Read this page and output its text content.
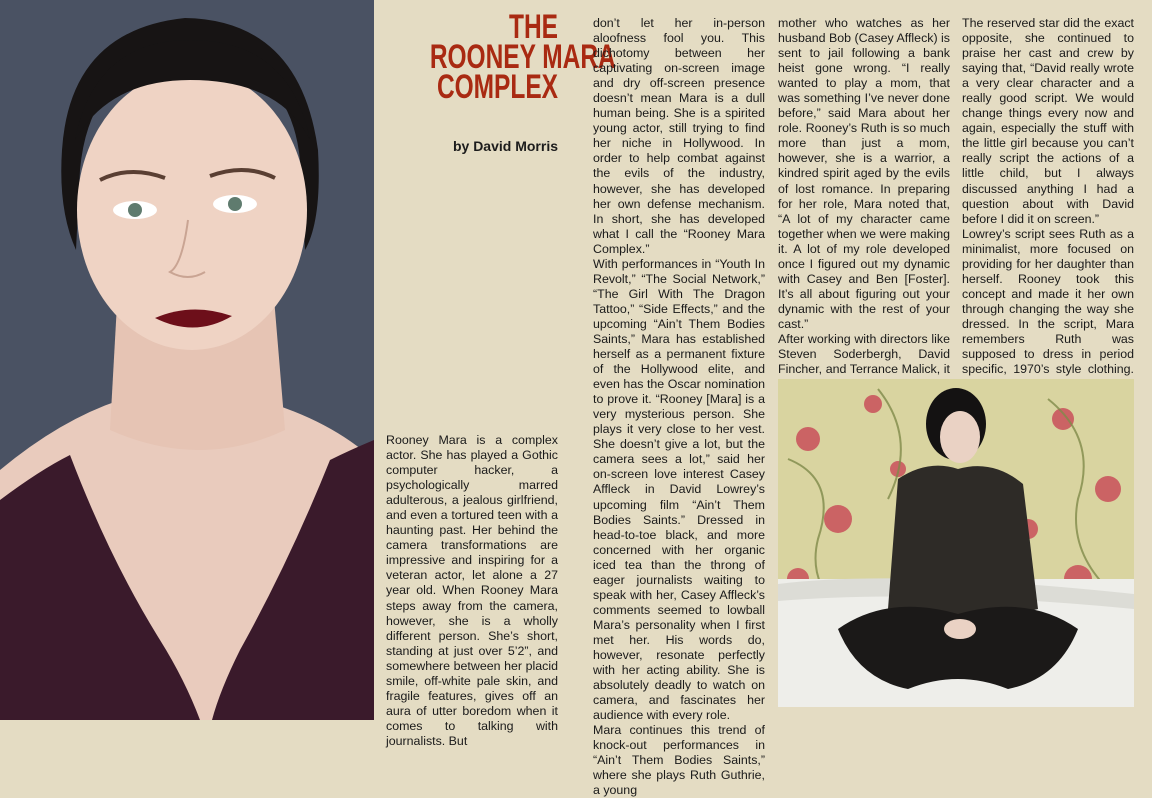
THE
ROONEY MARA
COMPLEX
by David Morris

Rooney Mara is a complex actor. She has played a Gothic computer hacker, a psychologically marred adulterous, a jealous girlfriend, and even a tortured teen with a haunting past. Her behind the camera transformations are impressive and inspiring for a veteran actor, let alone a 27 year old. When Rooney Mara steps away from the camera, however, she is a wholly different person. She’s short, standing at just over 5’2”, and somewhere between her placid smile, off-white pale skin, and fragile features, gives off an aura of utter boredom when it comes to talking with journalists. But

don’t let her in-person aloofness fool you. This dichotomy between her captivating on-screen image and dry off-screen presence doesn’t mean Mara is a dull human being. She is a spirited young actor, still trying to find her niche in Hollywood. In order to help combat against the evils of the industry, however, she has developed her own defense mechanism. In short, she has developed what I call the “Rooney Mara Complex.”

With performances in “Youth In Revolt,” “The Social Network,” “The Girl With The Dragon Tattoo,” “Side Effects,” and the upcoming “Ain’t Them Bodies Saints,” Mara has established herself as a permanent fixture of the Hollywood elite, and even has the Oscar nomination to prove it. “Rooney [Mara] is a very mysterious person. She plays it very close to her vest. She doesn’t give a lot, but the camera sees a lot,” said her on-screen love interest Casey Affleck in David Lowrey’s upcoming film “Ain’t Them Bodies Saints.” Dressed in head-to-toe black, and more concerned with her organic iced tea than the throng of eager journalists waiting to speak with her, Casey Affleck’s comments seemed to lowball Mara’s personality when I first met her. His words do, however, resonate perfectly with her acting ability. She is absolutely deadly to watch on camera, and fascinates her audience with every role.

Mara continues this trend of knock-out performances in “Ain’t Them Bodies Saints,” where she plays Ruth Guthrie, a young

mother who watches as her husband Bob (Casey Affleck) is sent to jail following a bank heist gone wrong. “I really wanted to play a mom, that was something I’ve never done before,” said Mara about her role. Rooney’s Ruth is so much more than just a mom, however, she is a warrior, a kindred spirit aged by the evils of lost romance. In preparing for her role, Mara noted that, “A lot of my character came together when we were making it. A lot of my role developed once I figured out my dynamic with Casey and Ben [Foster]. It’s all about figuring out your dynamic with the rest of your cast.”

After working with directors like Steven Soderbergh, David Fincher, and Terrance Malick, it

The reserved star did the exact opposite, she continued to praise her cast and crew by saying that, “David really wrote a very clear character and a really good script. We would change things every now and again, especially the stuff with the little girl because you can’t really script the actions of a little child, but I always discussed anything I had a question about with David before I did it on screen.”

Lowrey’s script sees Ruth as a minimalist, more focused on providing for her daughter than herself. Rooney took this concept and made it her own through changing the way she dressed. In the script, Mara remembers Ruth was supposed to dress in period specific, 1970’s style clothing.
